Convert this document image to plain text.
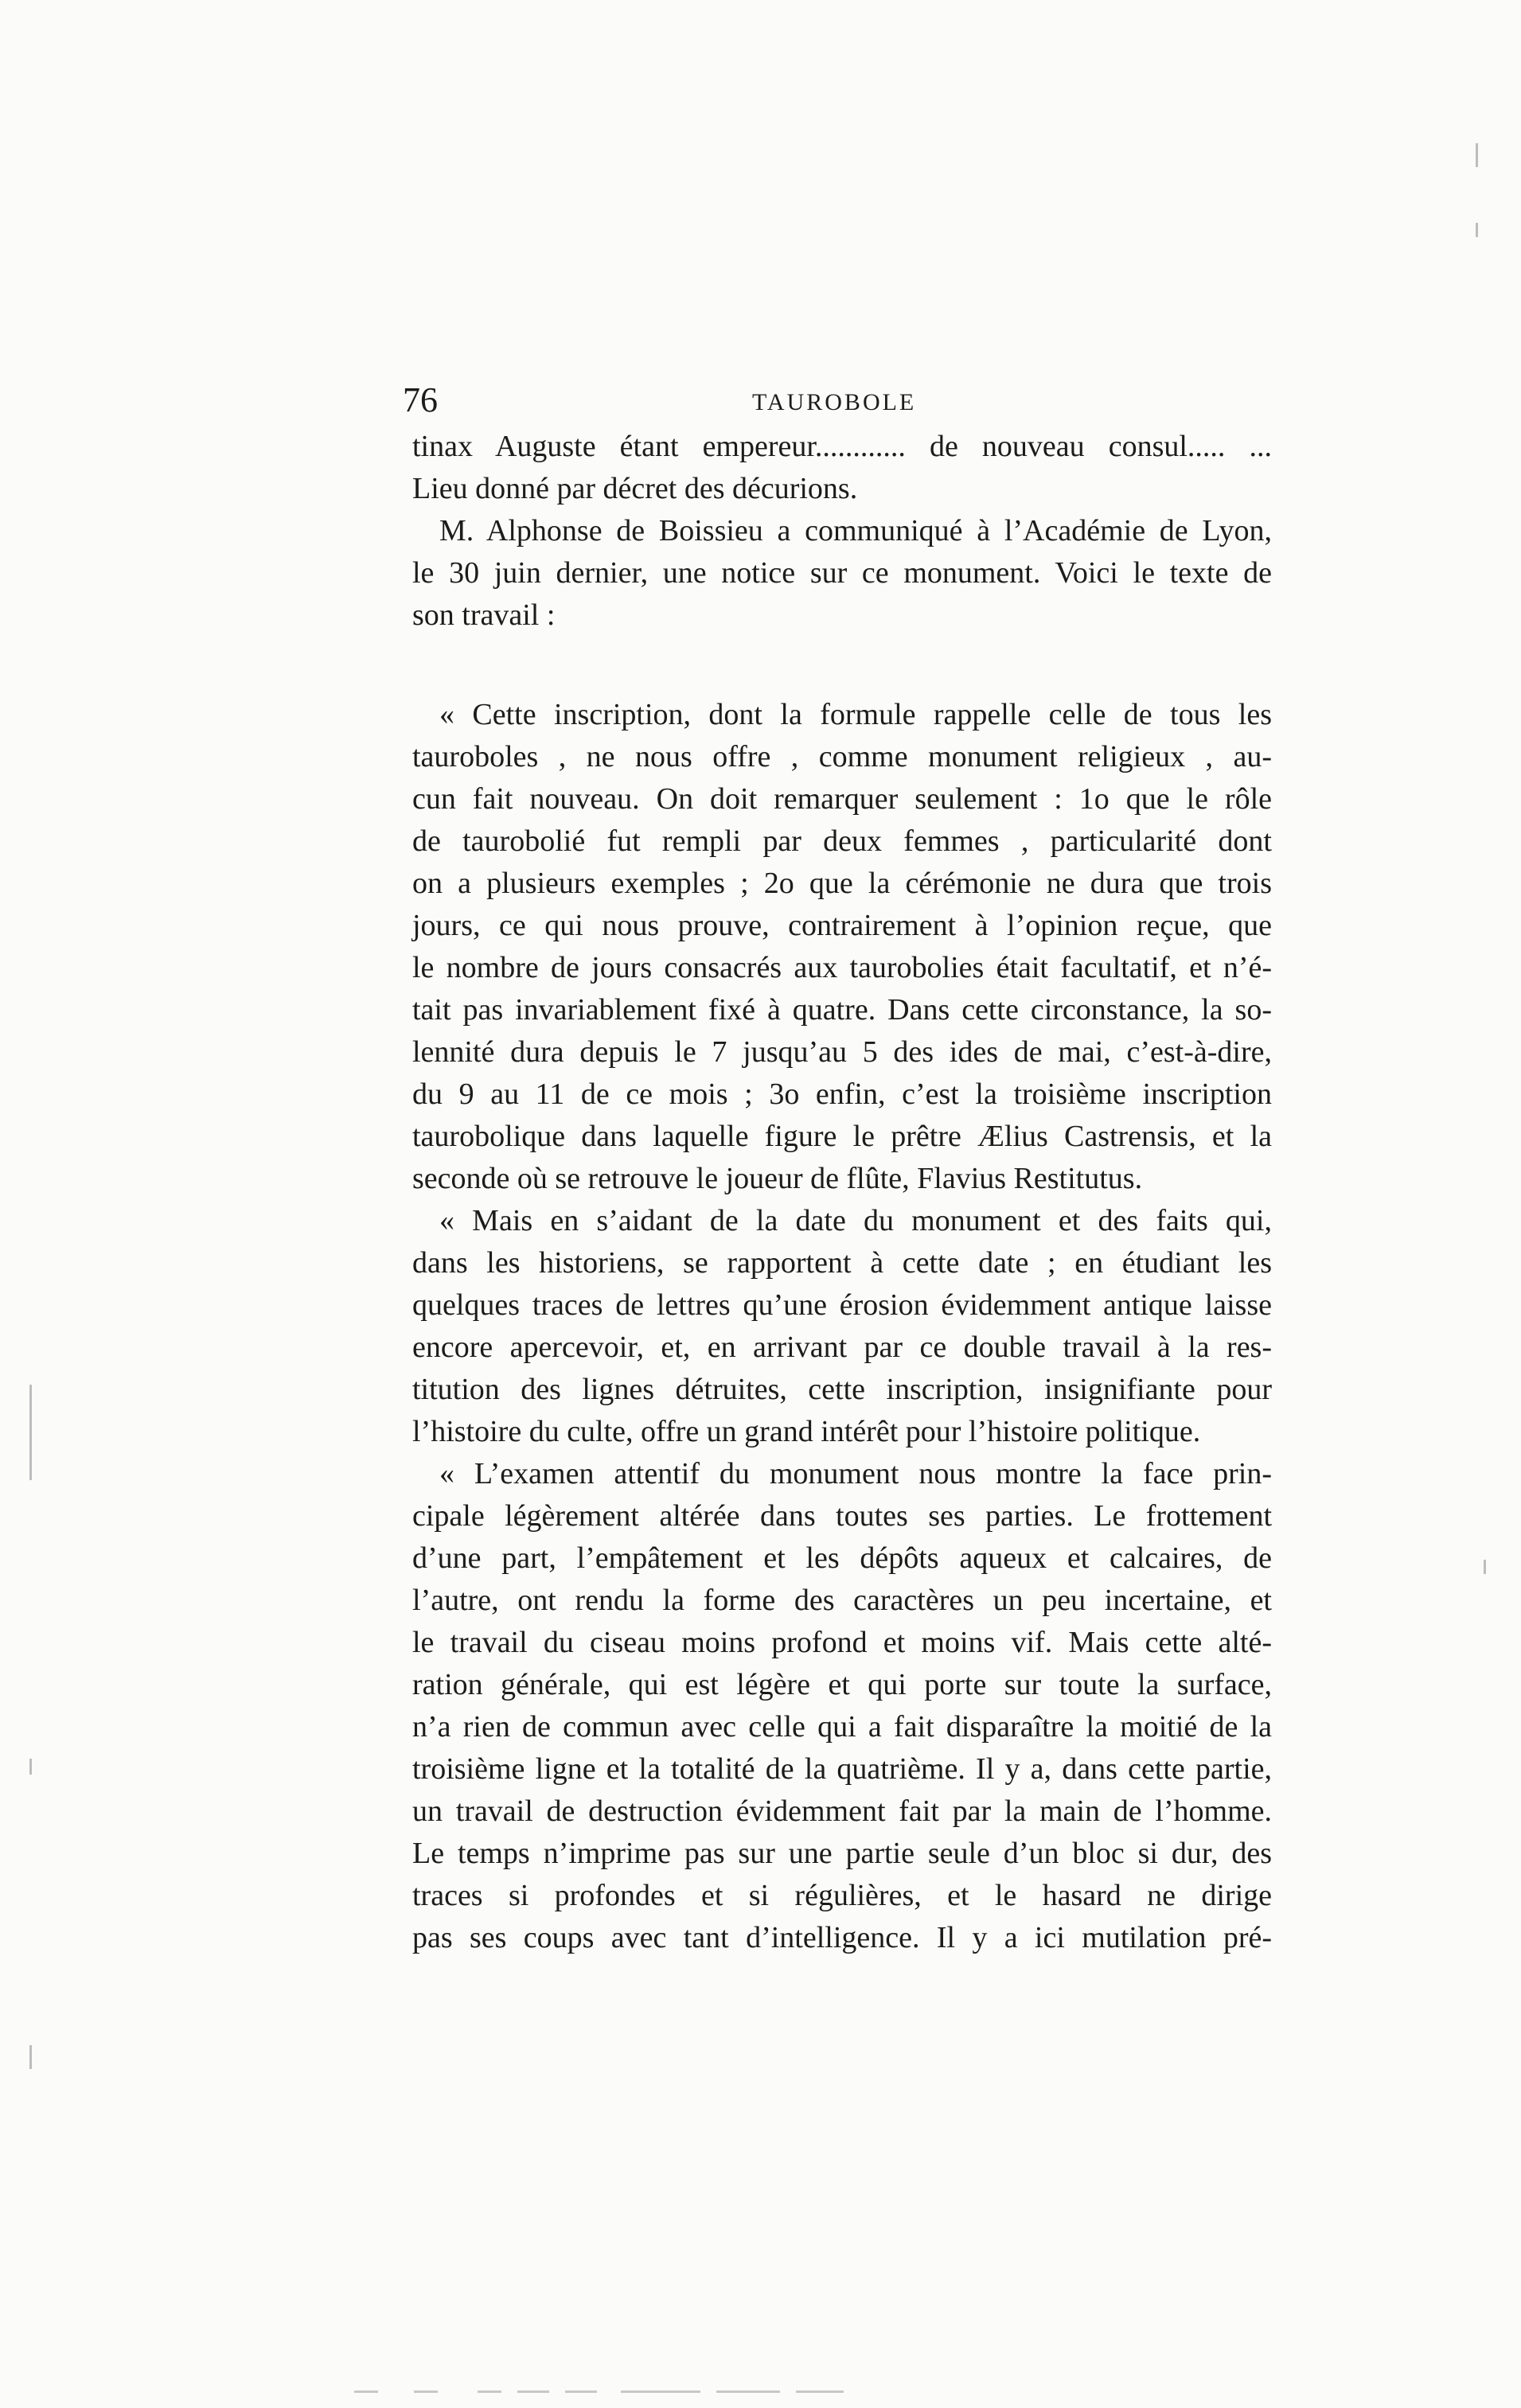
76	TAUROBOLE
tinax Auguste étant empereur............ de nouveau consul..... ...
Lieu donné par décret des décurions.
M. Alphonse de Boissieu a communiqué à l’Académie de Lyon,
le 30 juin dernier, une notice sur ce monument. Voici le texte de
son travail :
« Cette inscription, dont la formule rappelle celle de tous les
tauroboles , ne nous offre , comme monument religieux , au-
cun fait nouveau. On doit remarquer seulement : 1o que le rôle
de taurobolié fut rempli par deux femmes , particularité dont
on a plusieurs exemples ; 2o que la cérémonie ne dura que trois
jours, ce qui nous prouve, contrairement à l’opinion reçue, que
le nombre de jours consacrés aux taurobolies était facultatif, et n’é-
tait pas invariablement fixé à quatre. Dans cette circonstance, la so-
lennité dura depuis le 7 jusqu’au 5 des ides de mai, c’est-à-dire,
du 9 au 11 de ce mois ; 3o enfin, c’est la troisième inscription
taurobolique dans laquelle figure le prêtre Ælius Castrensis, et la
seconde où se retrouve le joueur de flûte, Flavius Restitutus.
« Mais en s’aidant de la date du monument et des faits qui,
dans les historiens, se rapportent à cette date ; en étudiant les
quelques traces de lettres qu’une érosion évidemment antique laisse
encore apercevoir, et, en arrivant par ce double travail à la res-
titution des lignes détruites, cette inscription, insignifiante pour
l’histoire du culte, offre un grand intérêt pour l’histoire politique.
« L’examen attentif du monument nous montre la face prin-
cipale légèrement altérée dans toutes ses parties. Le frottement
d’une part, l’empâtement et les dépôts aqueux et calcaires, de
l’autre, ont rendu la forme des caractères un peu incertaine, et
le travail du ciseau moins profond et moins vif. Mais cette alté-
ration générale, qui est légère et qui porte sur toute la surface,
n’a rien de commun avec celle qui a fait disparaître la moitié de la
troisième ligne et la totalité de la quatrième. Il y a, dans cette partie,
un travail de destruction évidemment fait par la main de l’homme.
Le temps n’imprime pas sur une partie seule d’un bloc si dur, des
traces si profondes et si régulières, et le hasard ne dirige
pas ses coups avec tant d’intelligence. Il y a ici mutilation pré-
